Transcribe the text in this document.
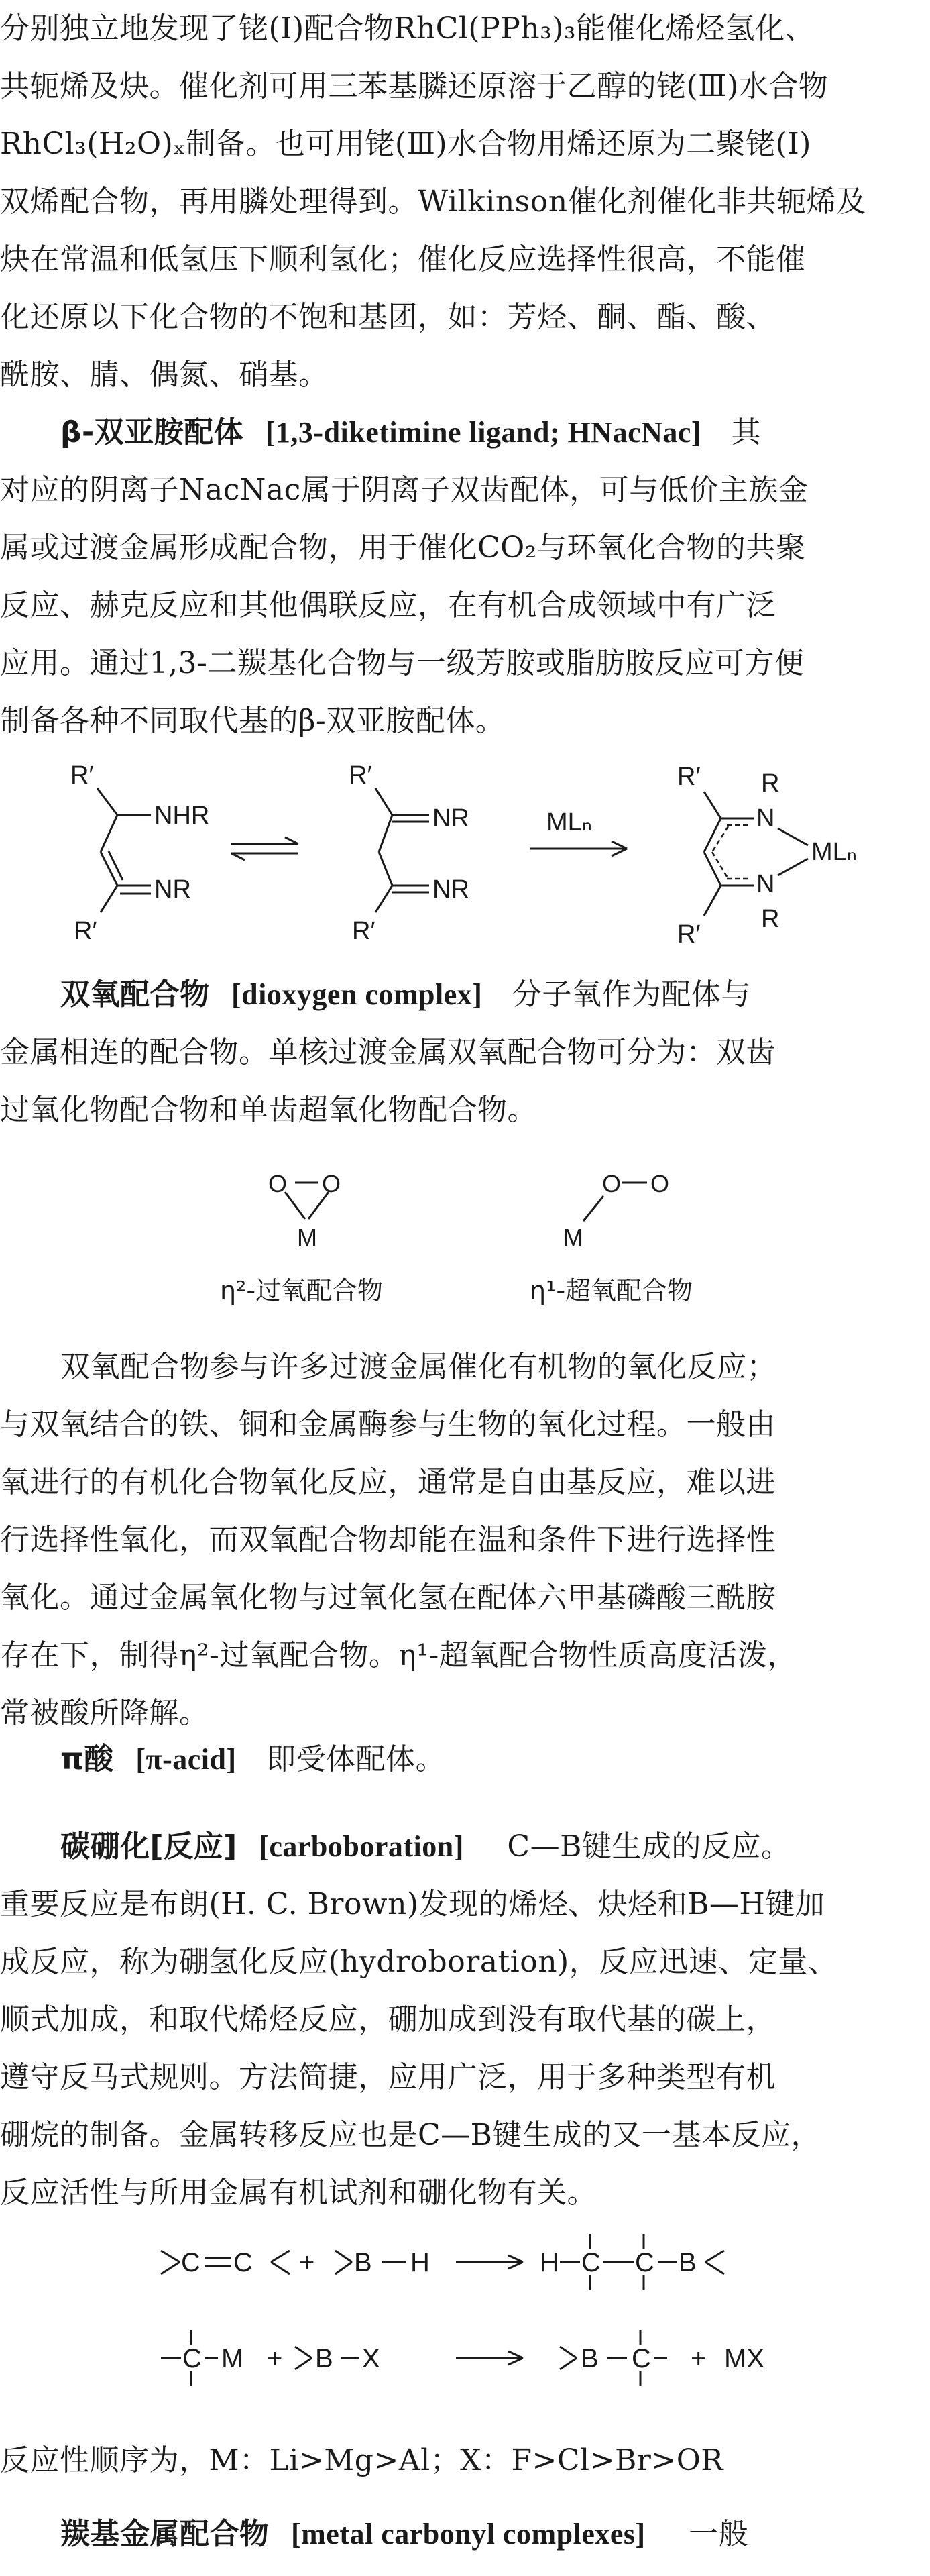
分别独立地发现了铑(Ⅰ)配合物RhCl(PPh₃)₃能催化烯烃氢化、
共轭烯及炔。催化剂可用三苯基膦还原溶于乙醇的铑(Ⅲ)水合物
RhCl₃(H₂O)ₓ制备。也可用铑(Ⅲ)水合物用烯还原为二聚铑(Ⅰ)
双烯配合物，再用膦处理得到。Wilkinson催化剂催化非共轭烯及
炔在常温和低氢压下顺利氢化；催化反应选择性很高，不能催
化还原以下化合物的不饱和基团，如：芳烃、酮、酯、酸、
酰胺、腈、偶氮、硝基。
β-双亚胺配体 [1,3-diketimine ligand; HNacNac] 其
对应的阴离子NacNac属于阴离子双齿配体，可与低价主族金
属或过渡金属形成配合物，用于催化CO₂与环氧化合物的共聚
反应、赫克反应和其他偶联反应，在有机合成领域中有广泛
应用。通过1,3-二羰基化合物与一级芳胺或脂肪胺反应可方便
制备各种不同取代基的β-双亚胺配体。
R′
NHR
NR
R′
R′
NR
NR
R′
MLₙ
R′ R
N
MLₙ
N
R
R′
双氧配合物 [dioxygen complex] 分子氧作为配体与
金属相连的配合物。单核过渡金属双氧配合物可分为：双齿
过氧化物配合物和单齿超氧化物配合物。
O O
M	M
O O
η²-过氧配合物	η¹-超氧配合物
双氧配合物参与许多过渡金属催化有机物的氧化反应；
与双氧结合的铁、铜和金属酶参与生物的氧化过程。一般由
氧进行的有机化合物氧化反应，通常是自由基反应，难以进
行选择性氧化，而双氧配合物却能在温和条件下进行选择性
氧化。通过金属氧化物与过氧化氢在配体六甲基磷酸三酰胺
存在下，制得η²-过氧配合物。η¹-超氧配合物性质高度活泼，
常被酸所降解。
π酸 [π-acid] 即受体配体。
碳硼化[反应] [carboboration] C—B键生成的反应。
重要反应是布朗(H. C. Brown)发现的烯烃、炔烃和B—H键加
成反应，称为硼氢化反应(hydroboration)，反应迅速、定量、
顺式加成，和取代烯烃反应，硼加成到没有取代基的碳上，
遵守反马式规则。方法简捷，应用广泛，用于多种类型有机
硼烷的制备。金属转移反应也是C—B键生成的又一基本反应，
反应活性与所用金属有机试剂和硼化物有关。
C C + B H	H C C B
C M + B X	B C + MX
反应性顺序为，M：Li>Mg>Al；X：F>Cl>Br>OR
羰基金属配合物 [metal carbonyl complexes] 一般
